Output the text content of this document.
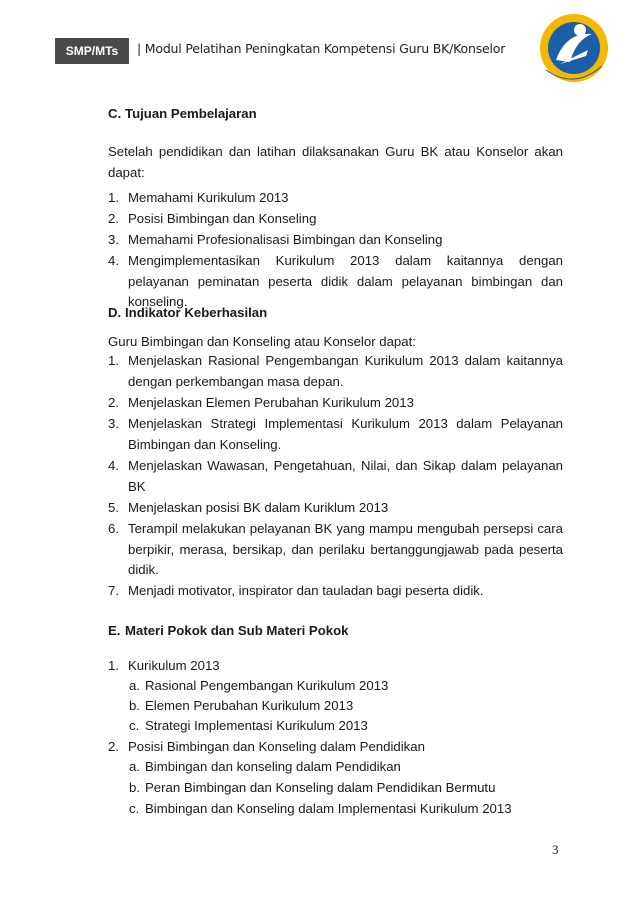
SMP/MTs	| Modul Pelatihan Peningkatan Kompetensi Guru BK/Konselor
C. Tujuan Pembelajaran
Setelah pendidikan dan latihan dilaksanakan Guru BK atau Konselor akan dapat:
1. Memahami Kurikulum 2013
2. Posisi Bimbingan dan Konseling
3. Memahami Profesionalisasi Bimbingan dan Konseling
4. Mengimplementasikan Kurikulum 2013 dalam kaitannya dengan pelayanan peminatan peserta didik dalam pelayanan bimbingan dan konseling.
D. Indikator Keberhasilan
Guru Bimbingan dan Konseling atau Konselor dapat:
1. Menjelaskan Rasional Pengembangan Kurikulum 2013 dalam kaitannya dengan perkembangan masa depan.
2. Menjelaskan Elemen Perubahan Kurikulum 2013
3. Menjelaskan Strategi Implementasi Kurikulum 2013 dalam Pelayanan Bimbingan dan Konseling.
4. Menjelaskan Wawasan, Pengetahuan, Nilai, dan Sikap dalam pelayanan BK
5. Menjelaskan posisi BK dalam Kuriklum 2013
6. Terampil melakukan pelayanan BK yang mampu mengubah persepsi cara berpikir, merasa, bersikap, dan perilaku bertanggungjawab pada peserta didik.
7. Menjadi motivator, inspirator dan tauladan bagi peserta didik.
E. Materi Pokok dan Sub Materi Pokok
1. Kurikulum 2013
a. Rasional Pengembangan Kurikulum 2013
b. Elemen Perubahan Kurikulum 2013
c. Strategi Implementasi Kurikulum 2013
2. Posisi Bimbingan dan Konseling dalam Pendidikan
a. Bimbingan dan konseling dalam Pendidikan
b. Peran Bimbingan dan Konseling dalam Pendidikan Bermutu
c. Bimbingan dan Konseling dalam Implementasi Kurikulum 2013
3
